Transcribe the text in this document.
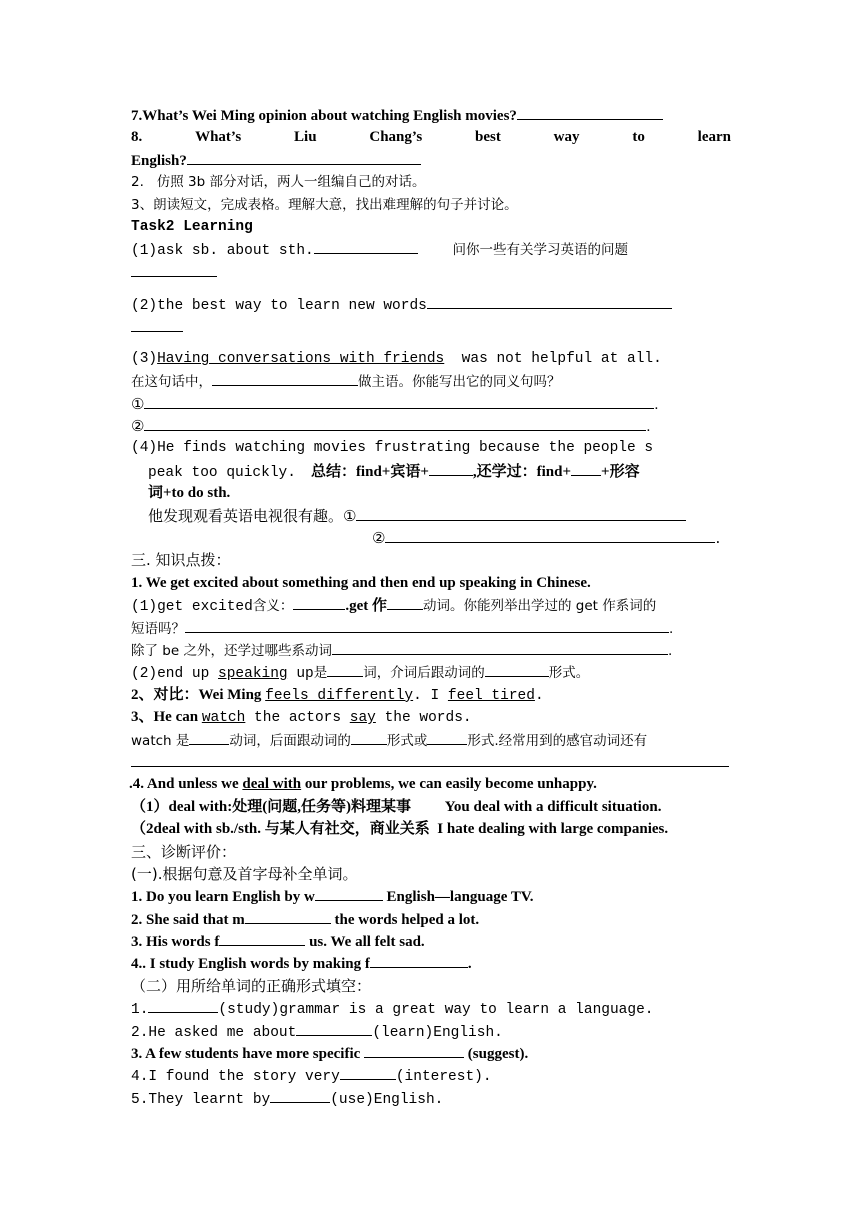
7.What’s Wei Ming opinion about watching English movies?
8.	What’s	Liu	Chang’s	best	way	to	learn
English?
2. 仿照 3b 部分对话，两人一组编自己的对话。
3、朗读短文，完成表格。理解大意，找出难理解的句子并讨论。
Task2 Learning
(1)ask sb. about sth.	问你一些有关学习英语的问题
(2)the best way to learn new words
(3)Having conversations with friends was not helpful at all.
在这句话中，	做主语。你能写出它的同义句吗？
①	.
②	.
(4)He finds watching movies frustrating because the people s
peak too quickly. 总结：find+宾语+	,还学过：find+ +形容
词+to do sth.
他发现观看英语电视很有趣。①
②	.
三. 知识点拨：
1. We get excited about something and then end up speaking in Chinese.
(1)get excited含义：	.get 作	动词。你能列举出学过的 get 作系词的
短语吗？	.
除了 be 之外，还学过哪些系动词	.
(2)end up speaking up是	词，介词后跟动词的	形式。
2、对比：Wei Ming feels differently. I feel tired.
3、He can watch the actors say the words.
watch 是	动词，后面跟动词的	形式或	形式.经常用到的感官动词还有
.4. And unless we deal with our problems, we can easily become unhappy.
（1）deal with:处理(问题,任务等)料理某事 You deal with a difficult situation.
（2deal with sb./sth. 与某人有社交，商业关系 I hate dealing with large companies.
三、诊断评价：
(一).根据句意及首字母补全单词。
1. Do you learn English by w	English—language TV.
2. She said that m	the words helped a lot.
3. His words f	us. We all felt sad.
4.. I study English words by making f	.
（二）用所给单词的正确形式填空：
1.	(study)grammar is a great way to learn a language.
2.He asked me about	(learn)English.
3. A few students have more specific	(suggest).
4.I found the story very	(interest).
5.They learnt by	(use)English.
